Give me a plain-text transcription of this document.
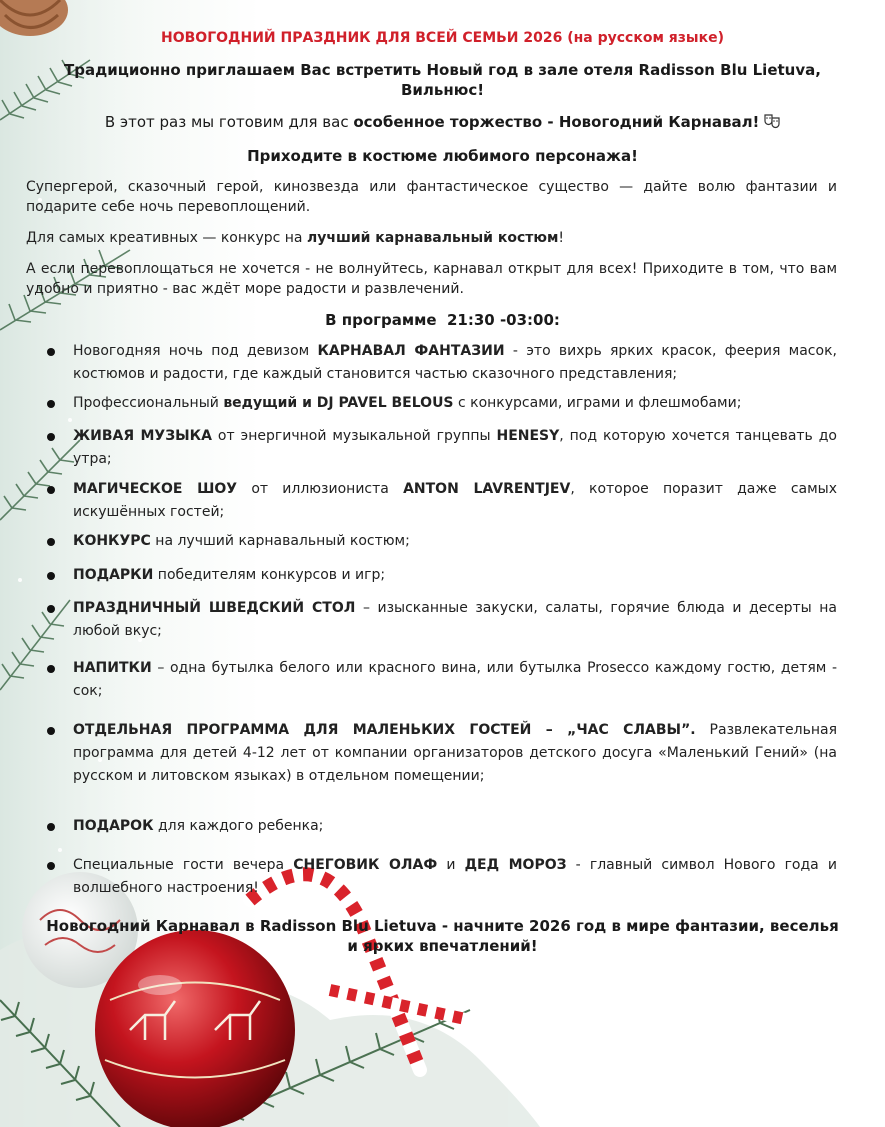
НОВОГОДНИЙ ПРАЗДНИК ДЛЯ ВСЕЙ СЕМЬИ 2026 (на русском языке)
Традиционно приглашаем Вас встретить Новый год в зале отеля Radisson Blu Lietuva, Вильнюс!
В этот раз мы готовим для вас особенное торжество - Новогодний Карнавал!
Приходите в костюме любимого персонажа!
Супергерой, сказочный герой, кинозвезда или фантастическое существо — дайте волю фантазии и подарите себе ночь перевоплощений.
Для самых креативных — конкурс на лучший карнавальный костюм!
А если перевоплощаться не хочется - не волнуйтесь, карнавал открыт для всех! Приходите в том, что вам удобно и приятно - вас ждёт море радости и развлечений.
В программе 21:30 -03:00:
Новогодняя ночь под девизом КАРНАВАЛ ФАНТАЗИИ - это вихрь ярких красок, феерия масок, костюмов и радости, где каждый становится частью сказочного представления;
Профессиональный ведущий и DJ PAVEL BELOUS с конкурсами, играми и флешмобами;
ЖИВАЯ МУЗЫКА от энергичной музыкальной группы HENESY, под которую хочется танцевать до утра;
МАГИЧЕСКОЕ ШОУ от иллюзиониста ANTON LAVRENTJEV, которое поразит даже самых искушённых гостей;
КОНКУРС на лучший карнавальный костюм;
ПОДАРКИ победителям конкурсов и игр;
ПРАЗДНИЧНЫЙ ШВЕДСКИЙ СТОЛ – изысканные закуски, салаты, горячие блюда и десерты на любой вкус;
НАПИТКИ – одна бутылка белого или красного вина, или бутылка Prosecco каждому гостю, детям - сок;
ОТДЕЛЬНАЯ ПРОГРАММА ДЛЯ МАЛЕНЬКИХ ГОСТЕЙ – „ЧАС СЛАВЫ”. Развлекательная программа для детей 4-12 лет от компании организаторов детского досуга «Маленький Гений» (на русском и литовском языках) в отдельном помещении;
ПОДАРОК для каждого ребенка;
Специальные гости вечера СНЕГОВИК ОЛАФ и ДЕД МОРОЗ - главный символ Нового года и волшебного настроения!
Новогодний Карнавал в Radisson Blu Lietuva - начните 2026 год в мире фантазии, веселья и ярких впечатлений!
